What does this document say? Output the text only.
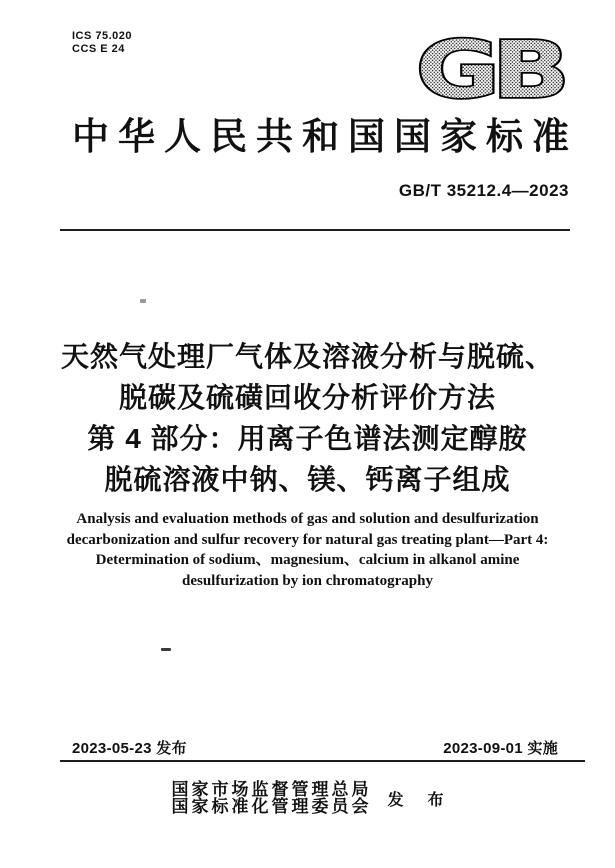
ICS 75.020
CCS E 24	GB
中华人民共和国国家标准
GB/T 35212.4—2023
天然气处理厂气体及溶液分析与脱硫、
脱碳及硫磺回收分析评价方法
第 4 部分：用离子色谱法测定醇胺
脱硫溶液中钠、镁、钙离子组成
Analysis and evaluation methods of gas and solution and desulfurization
decarbonization and sulfur recovery for natural gas treating plant—Part 4:
Determination of sodium、magnesium、calcium in alkanol amine
desulfurization by ion chromatography
2023-05-23 发布	2023-09-01 实施
国家市场监督管理总局
国家标准化管理委员会 发 布
